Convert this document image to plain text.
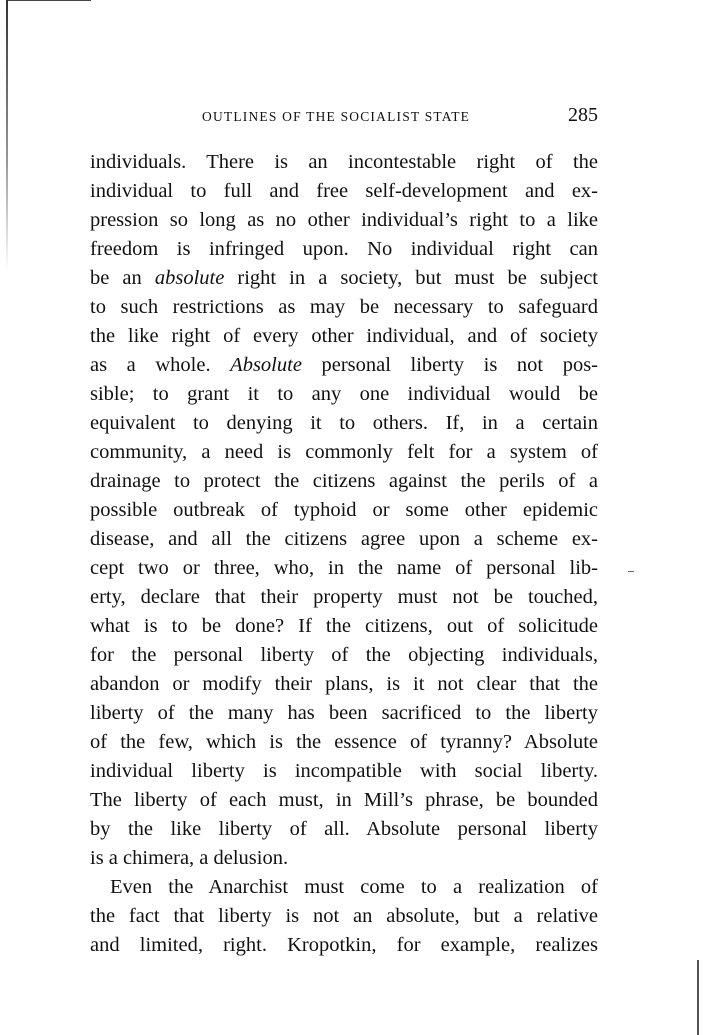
OUTLINES OF THE SOCIALIST STATE	285
individuals. There is an incontestable right of the
individual to full and free self-development and ex-
pression so long as no other individual’s right to a like
freedom is infringed upon. No individual right can
be an absolute right in a society, but must be subject
to such restrictions as may be necessary to safeguard
the like right of every other individual, and of society
as a whole. Absolute personal liberty is not pos-
sible; to grant it to any one individual would be
equivalent to denying it to others. If, in a certain
community, a need is commonly felt for a system of
drainage to protect the citizens against the perils of a
possible outbreak of typhoid or some other epidemic
disease, and all the citizens agree upon a scheme ex-
cept two or three, who, in the name of personal lib-
erty, declare that their property must not be touched,
what is to be done? If the citizens, out of solicitude
for the personal liberty of the objecting individuals,
abandon or modify their plans, is it not clear that the
liberty of the many has been sacrificed to the liberty
of the few, which is the essence of tyranny? Absolute
individual liberty is incompatible with social liberty.
The liberty of each must, in Mill’s phrase, be bounded
by the like liberty of all. Absolute personal liberty
is a chimera, a delusion.
Even the Anarchist must come to a realization of
the fact that liberty is not an absolute, but a relative
and limited, right. Kropotkin, for example, realizes
